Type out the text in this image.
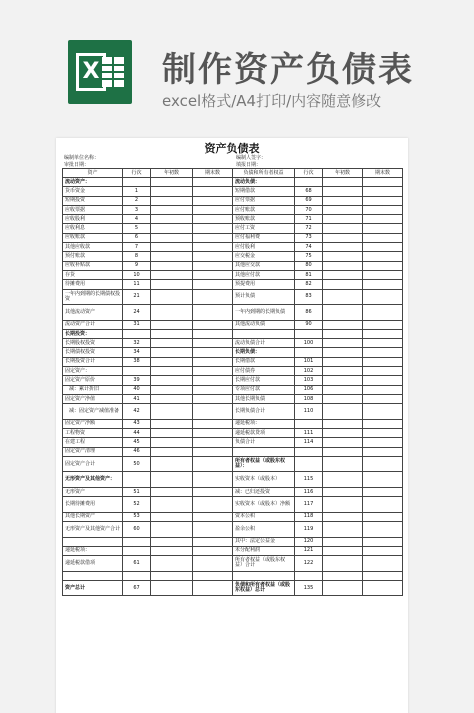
X 制作资产负债表
excel格式/A4打印/内容随意修改
资产负债表
编制单位名称：	编制人签字：
审批日期：	填报日期：
资产	行次	年初数	期末数	负债和所有者权益	行次	年初数	期末数
流动资产：				流动负债：			
货币资金	1			短期借款	68		
短期投资	2			应付票据	69		
应收票据	3			应付账款	70		
应收股利	4			预收账款	71		
应收利息	5			应付工资	72		
应收账款	6			应付福利费	73		
其他应收款	7			应付股利	74		
预付账款	8			应交税金	75		
应收补贴款	9			其他应交款	80		
存货	10			其他应付款	81		
待摊费用	11			预提费用	82		
一年内到期的长期债权投资	21			预计负债	83		
其他流动资产	24			一年内到期的长期负债	86		
流动资产合计	31			其他流动负债	90		
长期投资：							
长期股权投资	32			流动负债合计	100		
长期债权投资	34			长期负债：			
长期投资合计	38			长期借款	101		
固定资产：				应付债券	102		
固定资产原价	39			长期应付款	103		
减：累计折旧	40			专项应付款	106		
固定资产净值	41			其他长期负债	108		
减：固定资产减值准备	42			长期负债合计	110		
固定资产净额	43			递延税项：			
工程物资	44			递延税款贷项	111		
在建工程	45			负债合计	114		
固定资产清理	46						
固定资产合计	50			所有者权益（或股东权益）：			
无形资产及其他资产：				实收资本（或股本）	115		
无形资产	51			减：已归还投资	116		
长期待摊费用	52			实收资本（或股本）净额	117		
其他长期资产	53			资本公积	118		
无形资产及其他资产合计	60			盈余公积	119		
				其中：法定公益金	120		
递延税项：				未分配利润	121		
递延税款借项	61			所有者权益（或股东权益）合计	122		

资产总计	67			负债和所有者权益（或股东权益）总计	135		
